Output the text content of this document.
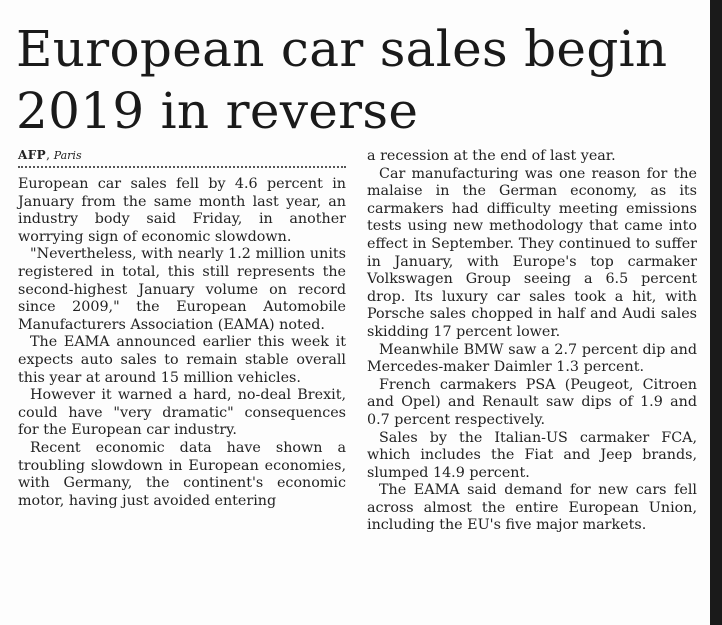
European car sales begin 2019 in reverse
AFP, Paris

European car sales fell by 4.6 percent in January from the same month last year, an industry body said Friday, in another worrying sign of economic slowdown.

"Nevertheless, with nearly 1.2 million units registered in total, this still represents the second-highest January volume on record since 2009," the European Automobile Manufacturers Association (EAMA) noted.

The EAMA announced earlier this week it expects auto sales to remain stable overall this year at around 15 million vehicles.

However it warned a hard, no-deal Brexit, could have "very dramatic" consequences for the European car industry.

Recent economic data have shown a troubling slowdown in European economies, with Germany, the continent's economic motor, having just avoided entering

a recession at the end of last year.

Car manufacturing was one reason for the malaise in the German economy, as its carmakers had difficulty meeting emissions tests using new methodology that came into effect in September. They continued to suffer in January, with Europe's top carmaker Volkswagen Group seeing a 6.5 percent drop. Its luxury car sales took a hit, with Porsche sales chopped in half and Audi sales skidding 17 percent lower.

Meanwhile BMW saw a 2.7 percent dip and Mercedes-maker Daimler 1.3 percent.

French carmakers PSA (Peugeot, Citroen and Opel) and Renault saw dips of 1.9 and 0.7 percent respectively.

Sales by the Italian-US carmaker FCA, which includes the Fiat and Jeep brands, slumped 14.9 percent.

The EAMA said demand for new cars fell across almost the entire European Union, including the EU's five major markets.
